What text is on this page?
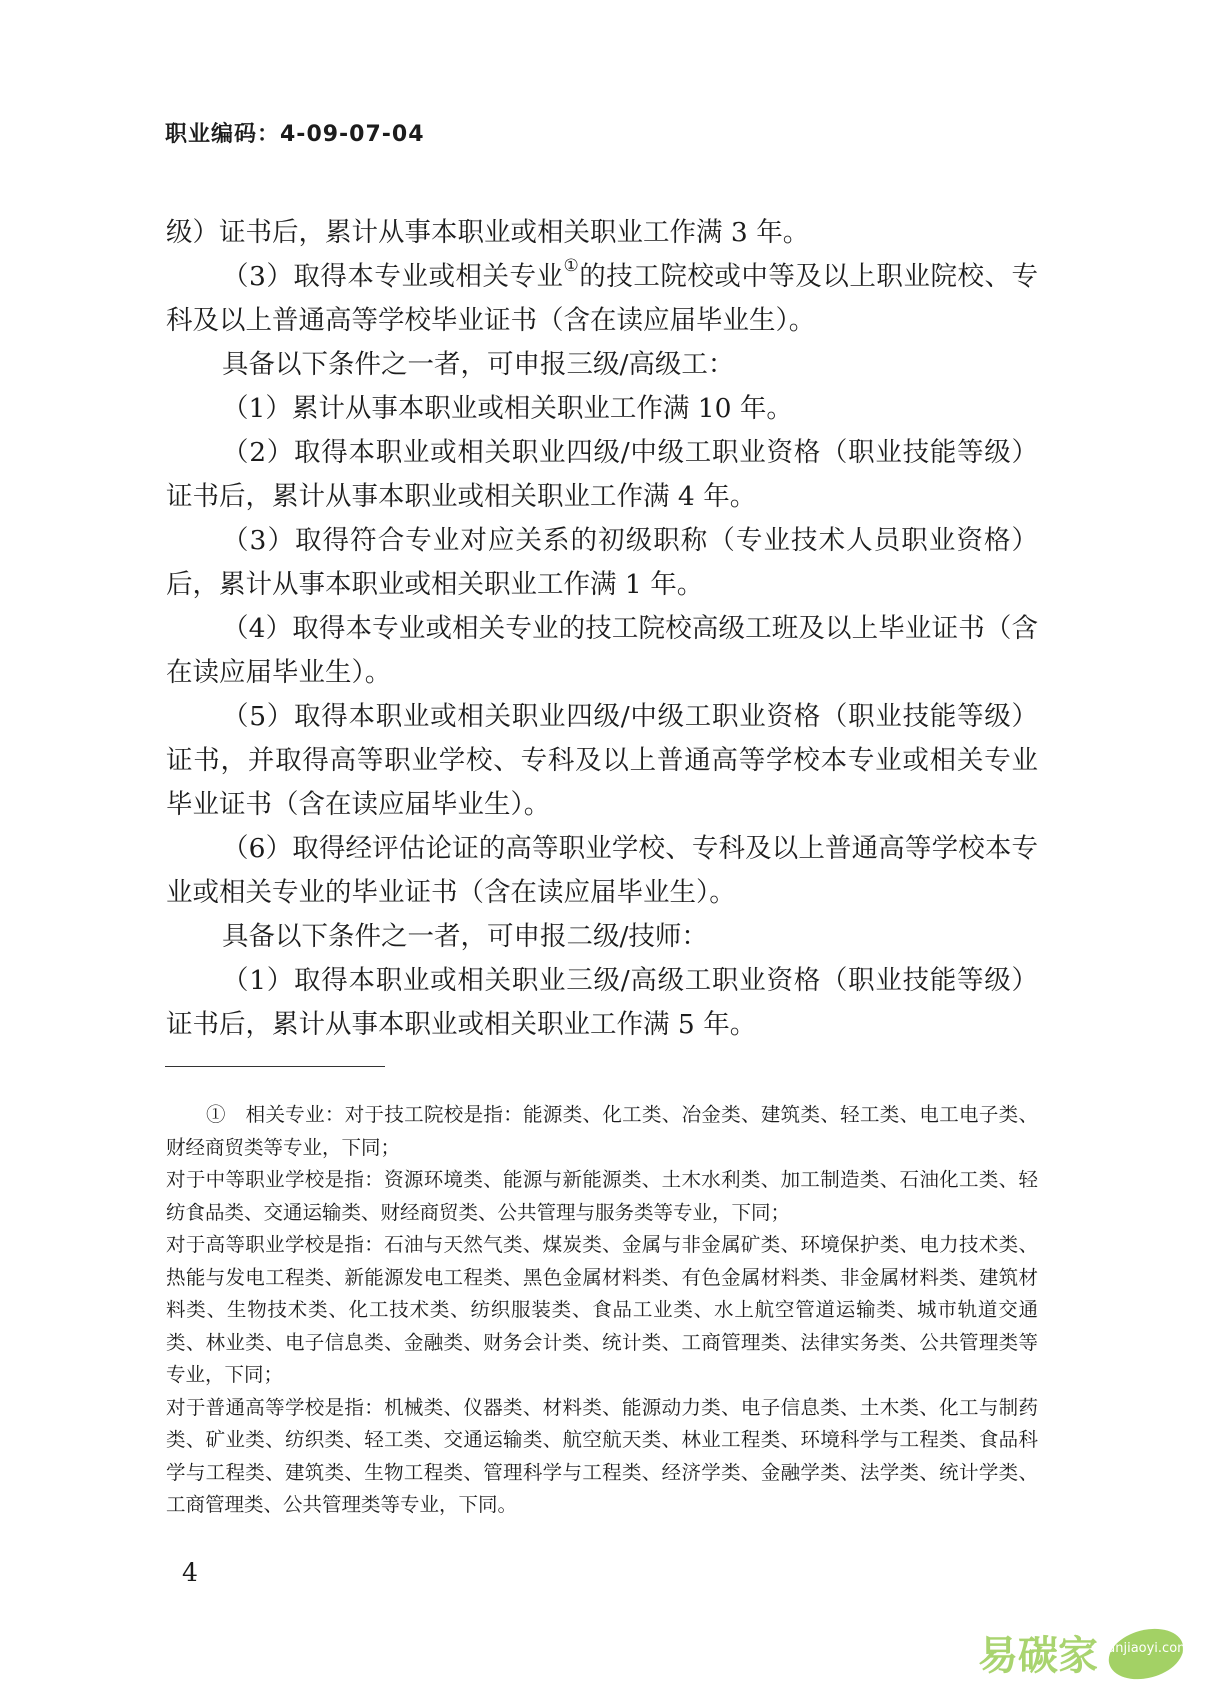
职业编码：4-09-07-04

级）证书后，累计从事本职业或相关职业工作满 3 年。

（3）取得本专业或相关专业①的技工院校或中等及以上职业院校、专科及以上普通高等学校毕业证书（含在读应届毕业生）。

具备以下条件之一者，可申报三级/高级工：

（1）累计从事本职业或相关职业工作满 10 年。

（2）取得本职业或相关职业四级/中级工职业资格（职业技能等级）证书后，累计从事本职业或相关职业工作满 4 年。

（3）取得符合专业对应关系的初级职称（专业技术人员职业资格）后，累计从事本职业或相关职业工作满 1 年。

（4）取得本专业或相关专业的技工院校高级工班及以上毕业证书（含在读应届毕业生）。

（5）取得本职业或相关职业四级/中级工职业资格（职业技能等级）证书，并取得高等职业学校、专科及以上普通高等学校本专业或相关专业毕业证书（含在读应届毕业生）。

（6）取得经评估论证的高等职业学校、专科及以上普通高等学校本专业或相关专业的毕业证书（含在读应届毕业生）。

具备以下条件之一者，可申报二级/技师：

（1）取得本职业或相关职业三级/高级工职业资格（职业技能等级）证书后，累计从事本职业或相关职业工作满 5 年。

①　相关专业：对于技工院校是指：能源类、化工类、冶金类、建筑类、轻工类、电工电子类、财经商贸类等专业，下同；

对于中等职业学校是指：资源环境类、能源与新能源类、土木水利类、加工制造类、石油化工类、轻纺食品类、交通运输类、财经商贸类、公共管理与服务类等专业，下同；

对于高等职业学校是指：石油与天然气类、煤炭类、金属与非金属矿类、环境保护类、电力技术类、热能与发电工程类、新能源发电工程类、黑色金属材料类、有色金属材料类、非金属材料类、建筑材料类、生物技术类、化工技术类、纺织服装类、食品工业类、水上航空管道运输类、城市轨道交通类、林业类、电子信息类、金融类、财务会计类、统计类、工商管理类、法律实务类、公共管理类等专业，下同；

对于普通高等学校是指：机械类、仪器类、材料类、能源动力类、电子信息类、土木类、化工与制药类、矿业类、纺织类、轻工类、交通运输类、航空航天类、林业工程类、环境科学与工程类、食品科学与工程类、建筑类、生物工程类、管理科学与工程类、经济学类、金融学类、法学类、统计学类、工商管理类、公共管理类等专业，下同。

4
易碳家 tanjiaoyi.com
